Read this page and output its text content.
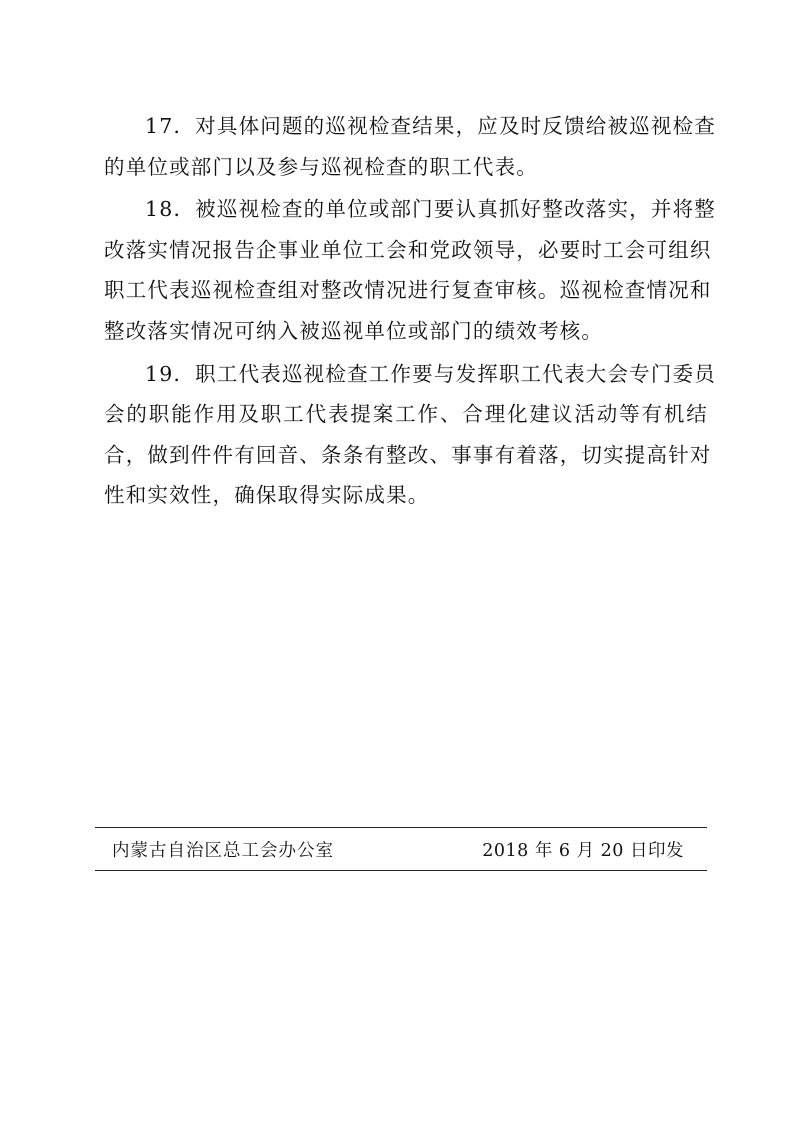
17．对具体问题的巡视检查结果，应及时反馈给被巡视检查
的单位或部门以及参与巡视检查的职工代表。

18．被巡视检查的单位或部门要认真抓好整改落实，并将整
改落实情况报告企事业单位工会和党政领导，必要时工会可组织
职工代表巡视检查组对整改情况进行复查审核。巡视检查情况和
整改落实情况可纳入被巡视单位或部门的绩效考核。

19．职工代表巡视检查工作要与发挥职工代表大会专门委员
会的职能作用及职工代表提案工作、合理化建议活动等有机结
合，做到件件有回音、条条有整改、事事有着落，切实提高针对
性和实效性，确保取得实际成果。

内蒙古自治区总工会办公室	2018 年 6 月 20 日印发
